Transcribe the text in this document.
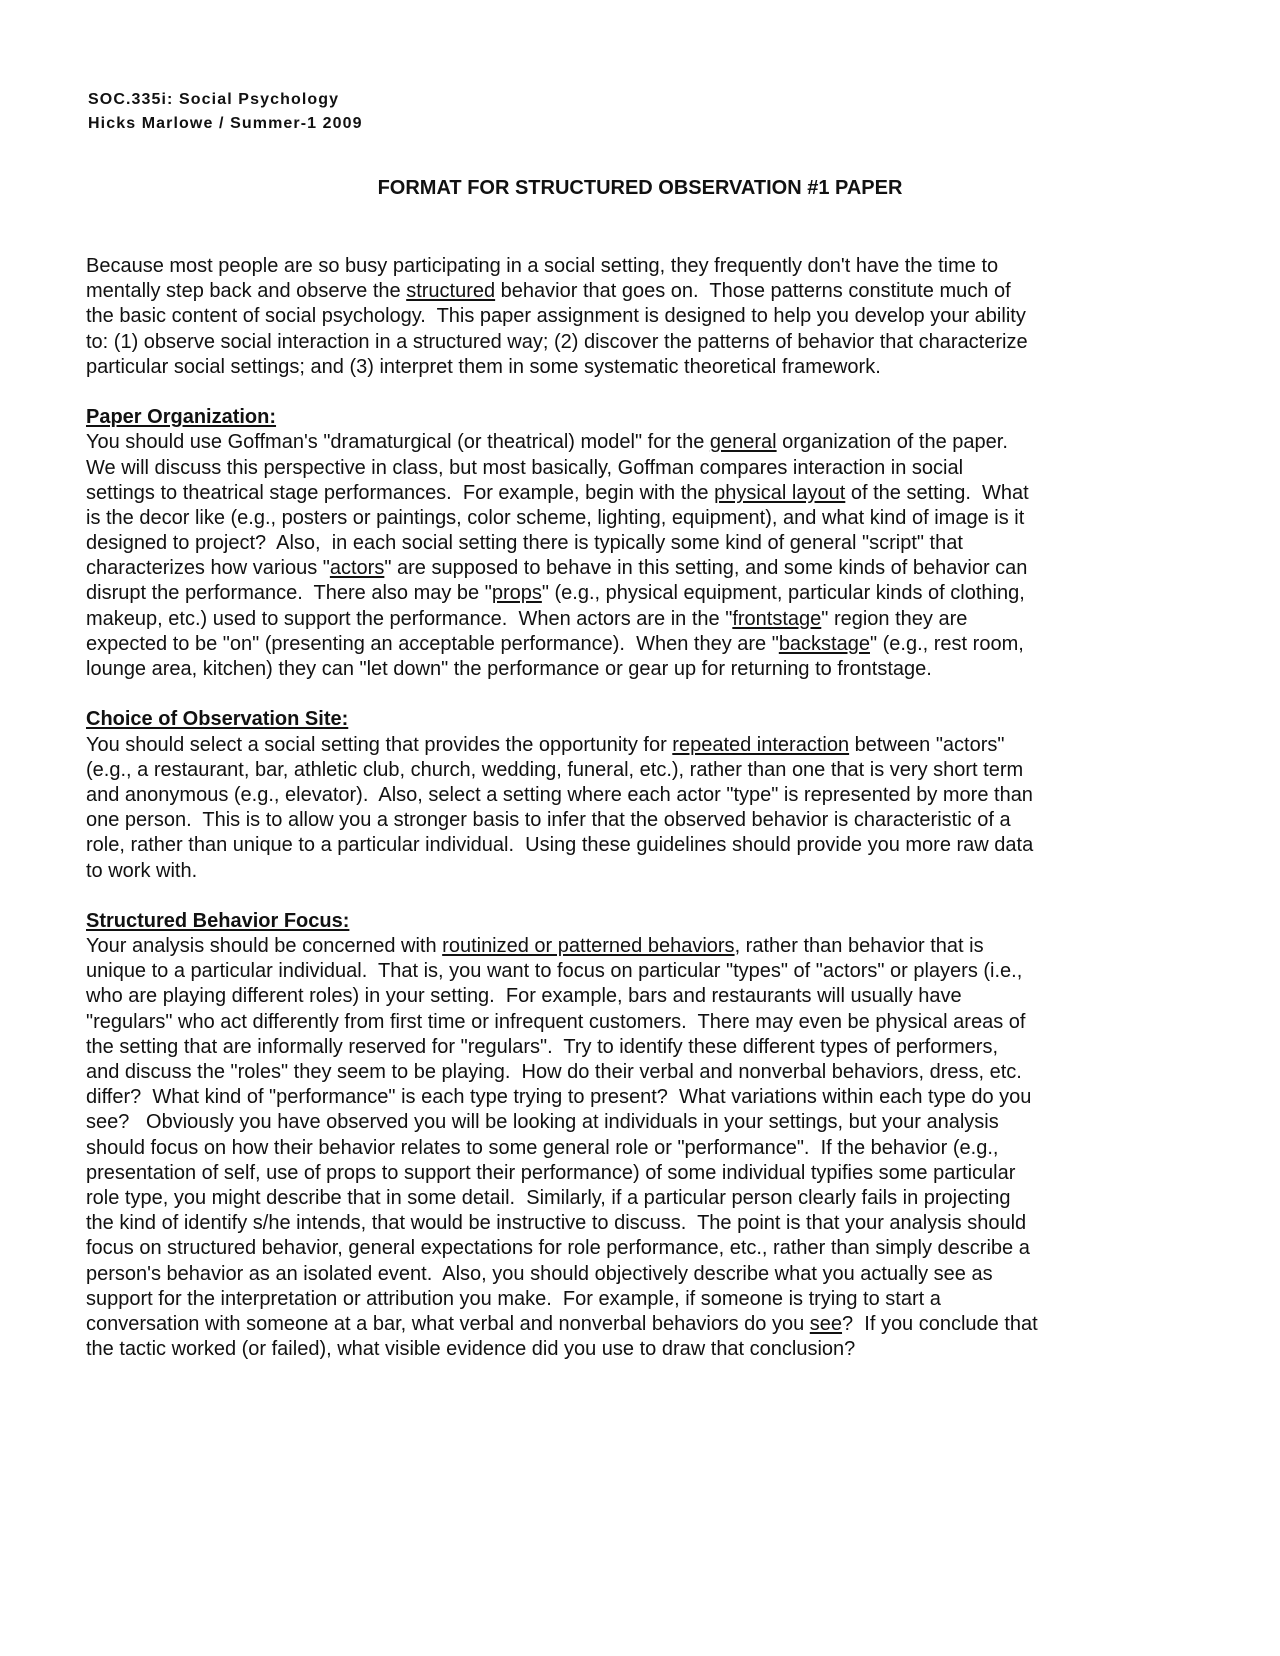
SOC.335i: Social Psychology
Hicks Marlowe / Summer-1 2009
FORMAT FOR STRUCTURED OBSERVATION #1 PAPER
Because most people are so busy participating in a social setting, they frequently don't have the time to
mentally step back and observe the structured behavior that goes on.  Those patterns constitute much of
the basic content of social psychology.  This paper assignment is designed to help you develop your ability
to: (1) observe social interaction in a structured way; (2) discover the patterns of behavior that characterize
particular social settings; and (3) interpret them in some systematic theoretical framework.
Paper Organization:
You should use Goffman's "dramaturgical (or theatrical) model" for the general organization of the paper.
We will discuss this perspective in class, but most basically, Goffman compares interaction in social
settings to theatrical stage performances.  For example, begin with the physical layout of the setting.  What
is the decor like (e.g., posters or paintings, color scheme, lighting, equipment), and what kind of image is it
designed to project?  Also,  in each social setting there is typically some kind of general "script" that
characterizes how various "actors" are supposed to behave in this setting, and some kinds of behavior can
disrupt the performance.  There also may be "props" (e.g., physical equipment, particular kinds of clothing,
makeup, etc.) used to support the performance.  When actors are in the "frontstage" region they are
expected to be "on" (presenting an acceptable performance).  When they are "backstage" (e.g., rest room,
lounge area, kitchen) they can "let down" the performance or gear up for returning to frontstage.
Choice of Observation Site:
You should select a social setting that provides the opportunity for repeated interaction between "actors"
(e.g., a restaurant, bar, athletic club, church, wedding, funeral, etc.), rather than one that is very short term
and anonymous (e.g., elevator).  Also, select a setting where each actor "type" is represented by more than
one person.  This is to allow you a stronger basis to infer that the observed behavior is characteristic of a
role, rather than unique to a particular individual.  Using these guidelines should provide you more raw data
to work with.
Structured Behavior Focus:
Your analysis should be concerned with routinized or patterned behaviors, rather than behavior that is
unique to a particular individual.  That is, you want to focus on particular "types" of "actors" or players (i.e.,
who are playing different roles) in your setting.  For example, bars and restaurants will usually have
"regulars" who act differently from first time or infrequent customers.  There may even be physical areas of
the setting that are informally reserved for "regulars".  Try to identify these different types of performers,
and discuss the "roles" they seem to be playing.  How do their verbal and nonverbal behaviors, dress, etc.
differ?  What kind of "performance" is each type trying to present?  What variations within each type do you
see?   Obviously you have observed you will be looking at individuals in your settings, but your analysis
should focus on how their behavior relates to some general role or "performance".  If the behavior (e.g.,
presentation of self, use of props to support their performance) of some individual typifies some particular
role type, you might describe that in some detail.  Similarly, if a particular person clearly fails in projecting
the kind of identify s/he intends, that would be instructive to discuss.  The point is that your analysis should
focus on structured behavior, general expectations for role performance, etc., rather than simply describe a
person's behavior as an isolated event.  Also, you should objectively describe what you actually see as
support for the interpretation or attribution you make.  For example, if someone is trying to start a
conversation with someone at a bar, what verbal and nonverbal behaviors do you see?  If you conclude that
the tactic worked (or failed), what visible evidence did you use to draw that conclusion?
